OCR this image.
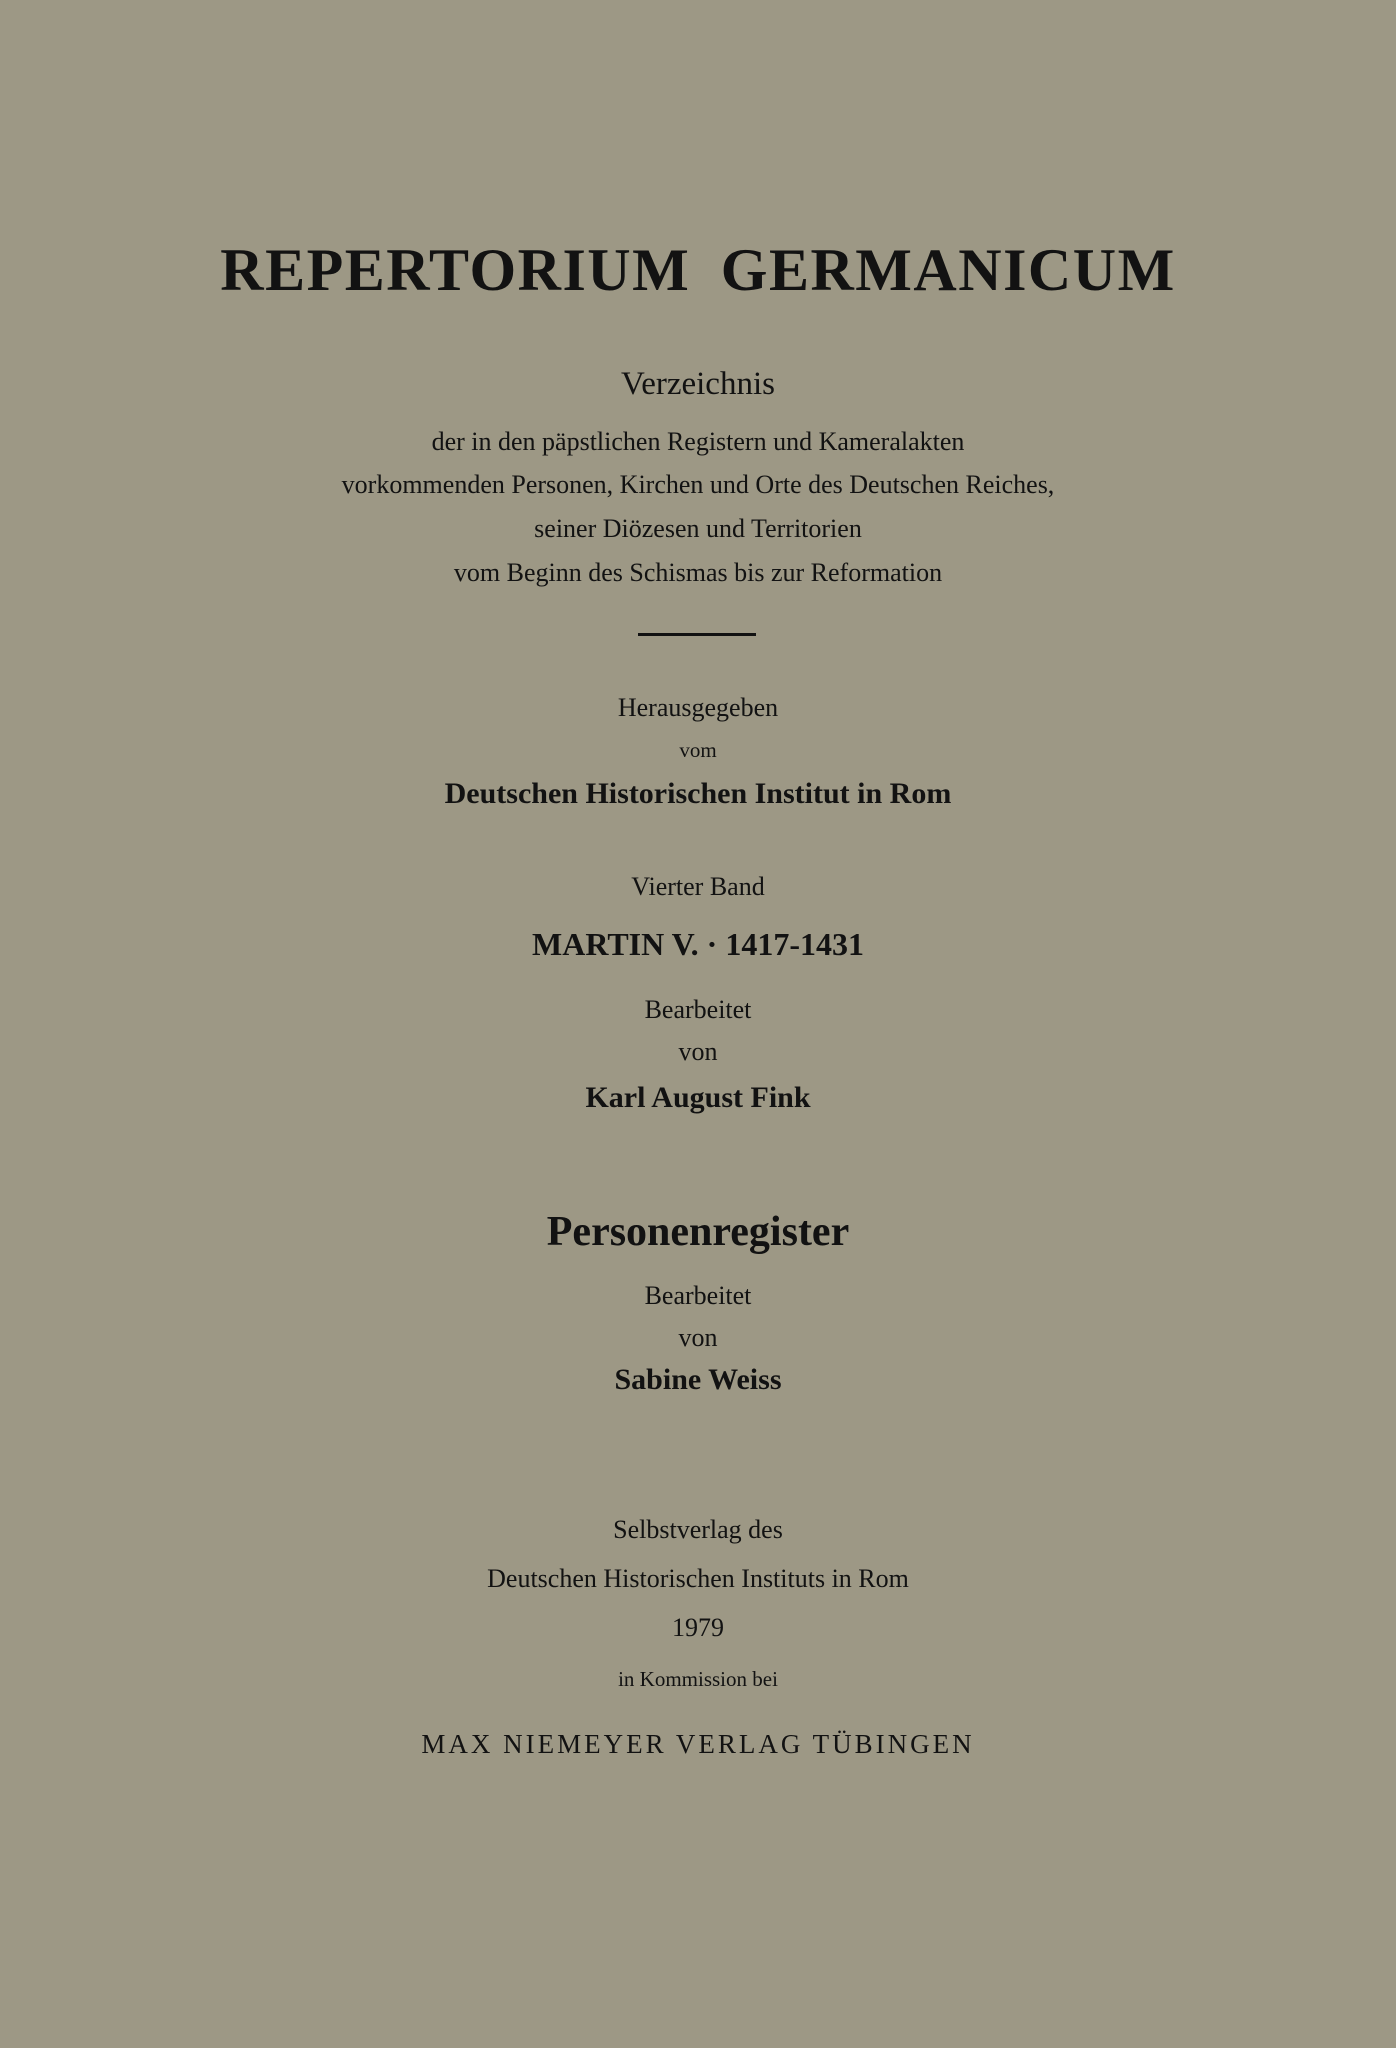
REPERTORIUM GERMANICUM
Verzeichnis
der in den päpstlichen Registern und Kameralakten
vorkommenden Personen, Kirchen und Orte des Deutschen Reiches,
seiner Diözesen und Territorien
vom Beginn des Schismas bis zur Reformation
Herausgegeben
vom
Deutschen Historischen Institut in Rom
Vierter Band
MARTIN V. · 1417-1431
Bearbeitet
von
Karl August Fink
Personenregister
Bearbeitet
von
Sabine Weiss
Selbstverlag des
Deutschen Historischen Instituts in Rom
1979
in Kommission bei
MAX NIEMEYER VERLAG TÜBINGEN
